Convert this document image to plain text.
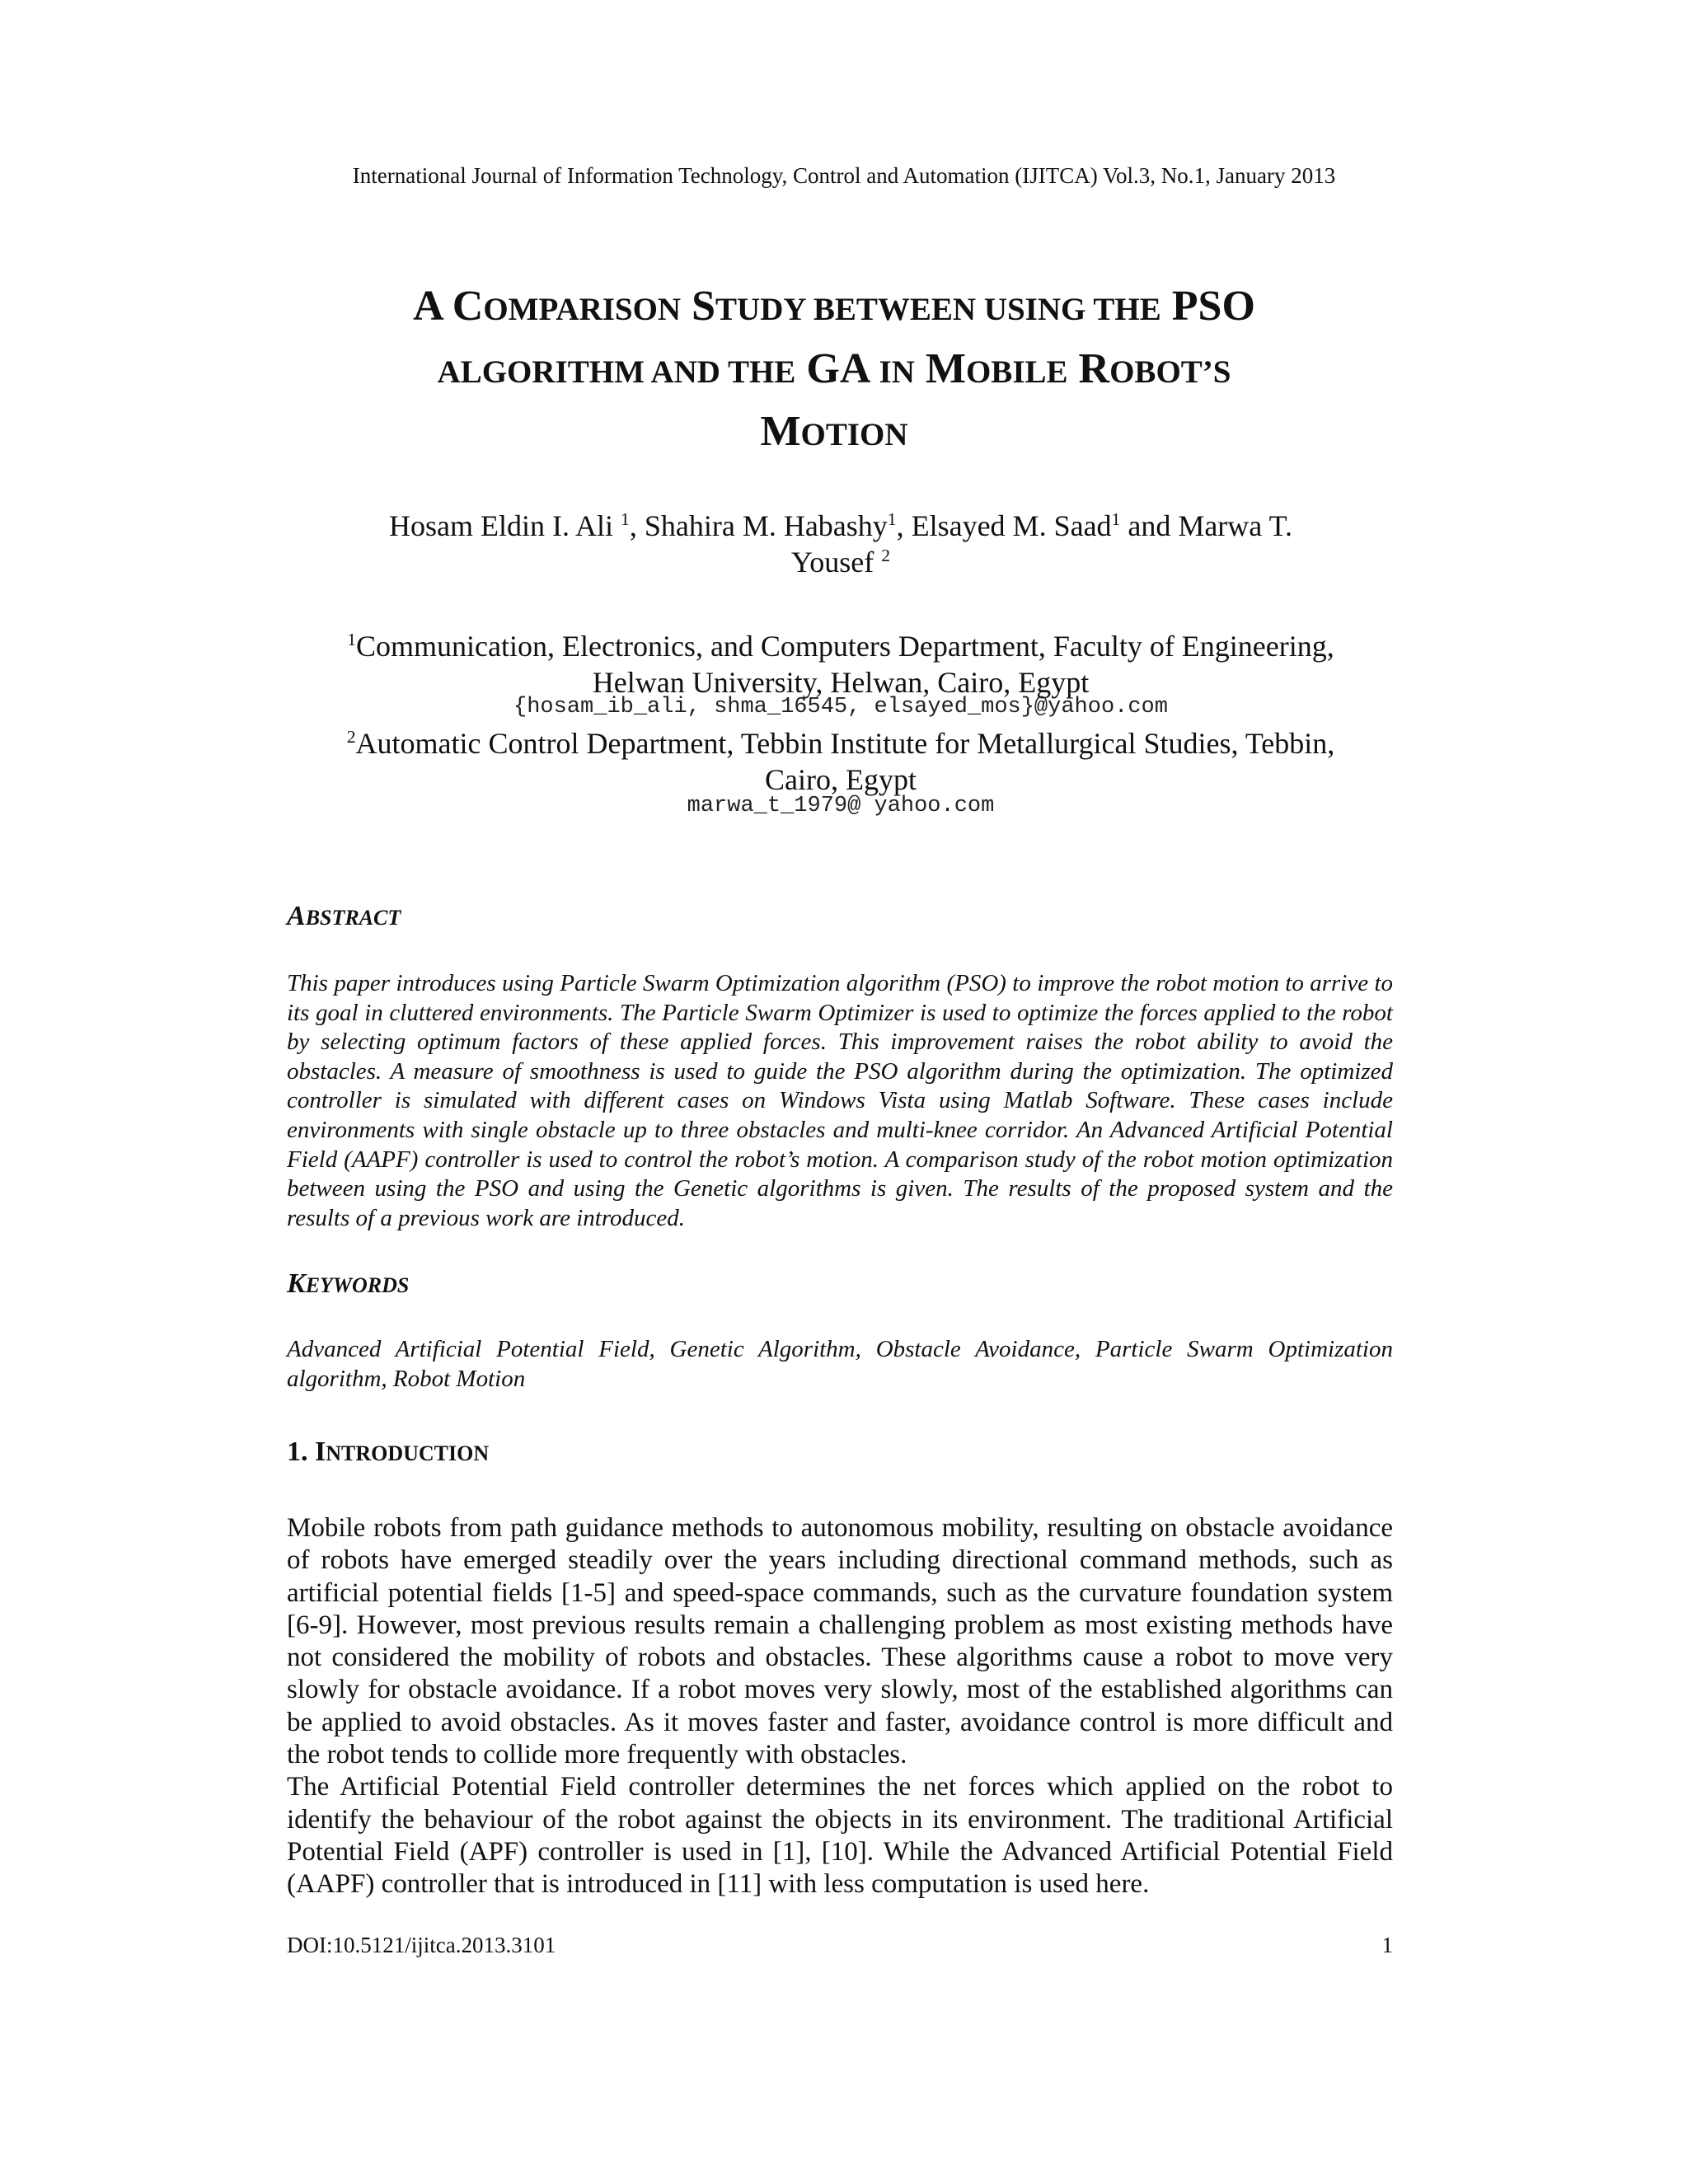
International Journal of Information Technology, Control and Automation (IJITCA) Vol.3, No.1, January 2013
A COMPARISON STUDY BETWEEN USING THE PSO
ALGORITHM AND THE GA IN MOBILE ROBOT’S
MOTION
Hosam Eldin I. Ali $^1$, Shahira M. Habashy$^1$, Elsayed M. Saad$^1$ and Marwa T.
Yousef $^2$
$^1$Communication, Electronics, and Computers Department, Faculty of Engineering,
Helwan University, Helwan, Cairo, Egypt
{hosam_ib_ali, shma_16545, elsayed_mos}@yahoo.com
$^2$Automatic Control Department, Tebbin Institute for Metallurgical Studies, Tebbin,
Cairo, Egypt
marwa_t_1979@ yahoo.com
ABSTRACT

This paper introduces using Particle Swarm Optimization algorithm (PSO) to improve the robot motion to arrive to its goal in cluttered environments. The Particle Swarm Optimizer is used to optimize the forces applied to the robot by selecting optimum factors of these applied forces. This improvement raises the robot ability to avoid the obstacles. A measure of smoothness is used to guide the PSO algorithm during the optimization. The optimized controller is simulated with different cases on Windows Vista using Matlab Software. These cases include environments with single obstacle up to three obstacles and multi-knee corridor. An Advanced Artificial Potential Field (AAPF) controller is used to control the robot’s motion. A comparison study of the robot motion optimization between using the PSO and using the Genetic algorithms is given. The results of the proposed system and the results of a previous work are introduced.

KEYWORDS

Advanced Artificial Potential Field, Genetic Algorithm, Obstacle Avoidance, Particle Swarm Optimization algorithm, Robot Motion

1. INTRODUCTION

Mobile robots from path guidance methods to autonomous mobility, resulting on obstacle avoidance of robots have emerged steadily over the years including directional command methods, such as artificial potential fields [1-5] and speed-space commands, such as the curvature foundation system [6-9]. However, most previous results remain a challenging problem as most existing methods have not considered the mobility of robots and obstacles. These algorithms cause a robot to move very slowly for obstacle avoidance. If a robot moves very slowly, most of the established algorithms can be applied to avoid obstacles. As it moves faster and faster, avoidance control is more difficult and the robot tends to collide more frequently with obstacles.

The Artificial Potential Field controller determines the net forces which applied on the robot to identify the behaviour of the robot against the objects in its environment. The traditional Artificial Potential Field (APF) controller is used in [1], [10]. While the Advanced Artificial Potential Field (AAPF) controller that is introduced in [11] with less computation is used here.

DOI:10.5121/ijitca.2013.3101	1
